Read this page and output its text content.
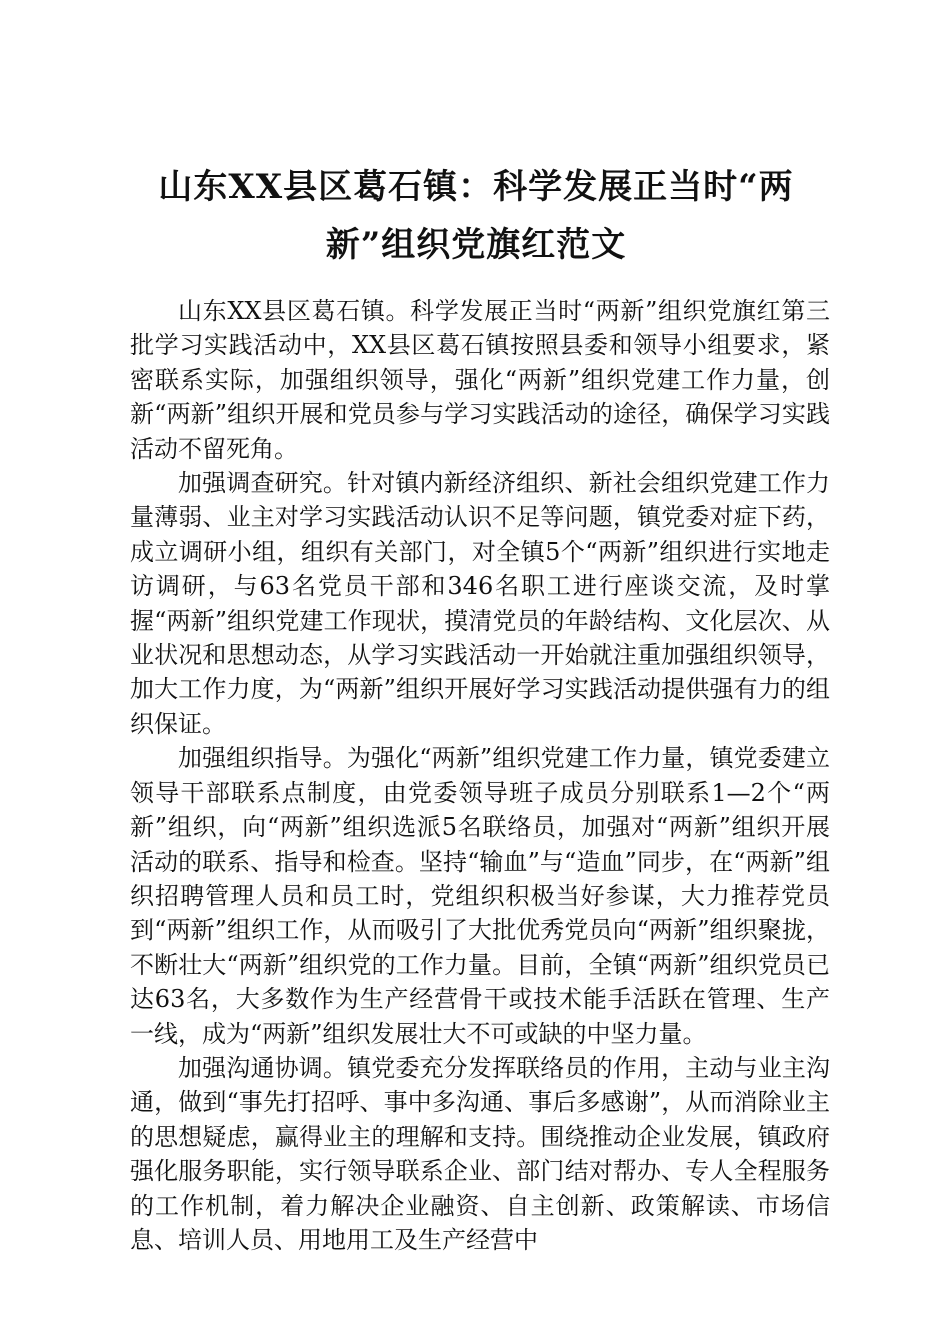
山东XX县区葛石镇：科学发展正当时“两
新”组织党旗红范文

山东XX县区葛石镇。科学发展正当时“两新”组织党旗红第三批学习实践活动中，XX县区葛石镇按照县委和领导小组要求，紧密联系实际，加强组织领导，强化“两新”组织党建工作力量，创新“两新”组织开展和党员参与学习实践活动的途径，确保学习实践活动不留死角。

加强调查研究。针对镇内新经济组织、新社会组织党建工作力量薄弱、业主对学习实践活动认识不足等问题，镇党委对症下药，成立调研小组，组织有关部门，对全镇5个“两新”组织进行实地走访调研，与63名党员干部和346名职工进行座谈交流，及时掌握“两新”组织党建工作现状，摸清党员的年龄结构、文化层次、从业状况和思想动态，从学习实践活动一开始就注重加强组织领导，加大工作力度，为“两新”组织开展好学习实践活动提供强有力的组织保证。

加强组织指导。为强化“两新”组织党建工作力量，镇党委建立领导干部联系点制度，由党委领导班子成员分别联系1—2个“两新”组织，向“两新”组织选派5名联络员，加强对“两新”组织开展活动的联系、指导和检查。坚持“输血”与“造血”同步，在“两新”组织招聘管理人员和员工时，党组织积极当好参谋，大力推荐党员到“两新”组织工作，从而吸引了大批优秀党员向“两新”组织聚拢，不断壮大“两新”组织党的工作力量。目前，全镇“两新”组织党员已达63名，大多数作为生产经营骨干或技术能手活跃在管理、生产一线，成为“两新”组织发展壮大不可或缺的中坚力量。

加强沟通协调。镇党委充分发挥联络员的作用，主动与业主沟通，做到“事先打招呼、事中多沟通、事后多感谢”，从而消除业主的思想疑虑，赢得业主的理解和支持。围绕推动企业发展，镇政府强化服务职能，实行领导联系企业、部门结对帮办、专人全程服务的工作机制，着力解决企业融资、自主创新、政策解读、市场信息、培训人员、用地用工及生产经营中
